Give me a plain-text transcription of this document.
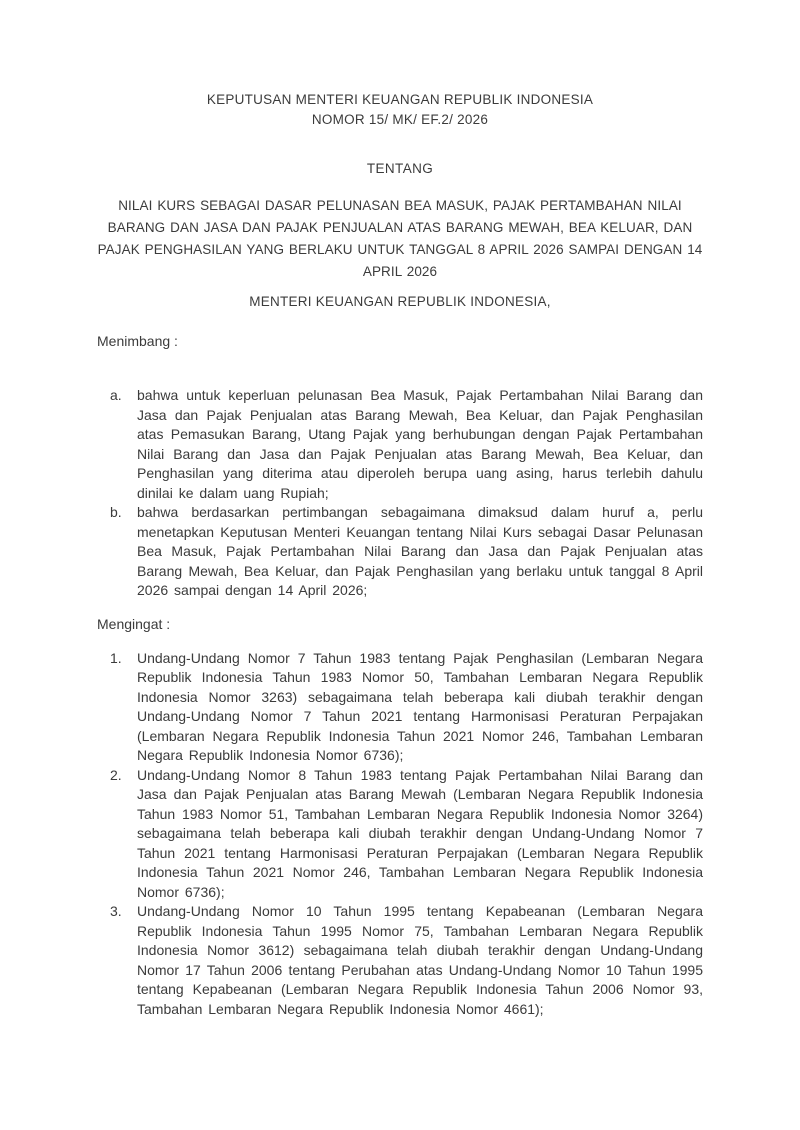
KEPUTUSAN MENTERI KEUANGAN REPUBLIK INDONESIA
NOMOR 15/ MK/ EF.2/ 2026
TENTANG
NILAI KURS SEBAGAI DASAR PELUNASAN BEA MASUK, PAJAK PERTAMBAHAN NILAI BARANG DAN JASA DAN PAJAK PENJUALAN ATAS BARANG MEWAH, BEA KELUAR, DAN PAJAK PENGHASILAN YANG BERLAKU UNTUK TANGGAL 8 APRIL 2026 SAMPAI DENGAN 14 APRIL 2026
MENTERI KEUANGAN REPUBLIK INDONESIA,
Menimbang :
a.	bahwa untuk keperluan pelunasan Bea Masuk, Pajak Pertambahan Nilai Barang dan Jasa dan Pajak Penjualan atas Barang Mewah, Bea Keluar, dan Pajak Penghasilan atas Pemasukan Barang, Utang Pajak yang berhubungan dengan Pajak Pertambahan Nilai Barang dan Jasa dan Pajak Penjualan atas Barang Mewah, Bea Keluar, dan Penghasilan yang diterima atau diperoleh berupa uang asing, harus terlebih dahulu dinilai ke dalam uang Rupiah;
b.	bahwa berdasarkan pertimbangan sebagaimana dimaksud dalam huruf a, perlu menetapkan Keputusan Menteri Keuangan tentang Nilai Kurs sebagai Dasar Pelunasan Bea Masuk, Pajak Pertambahan Nilai Barang dan Jasa dan Pajak Penjualan atas Barang Mewah, Bea Keluar, dan Pajak Penghasilan yang berlaku untuk tanggal 8 April 2026 sampai dengan 14 April 2026;
Mengingat :
1.	Undang-Undang Nomor 7 Tahun 1983 tentang Pajak Penghasilan (Lembaran Negara Republik Indonesia Tahun 1983 Nomor 50, Tambahan Lembaran Negara Republik Indonesia Nomor 3263) sebagaimana telah beberapa kali diubah terakhir dengan Undang-Undang Nomor 7 Tahun 2021 tentang Harmonisasi Peraturan Perpajakan (Lembaran Negara Republik Indonesia Tahun 2021 Nomor 246, Tambahan Lembaran Negara Republik Indonesia Nomor 6736);
2.	Undang-Undang Nomor 8 Tahun 1983 tentang Pajak Pertambahan Nilai Barang dan Jasa dan Pajak Penjualan atas Barang Mewah (Lembaran Negara Republik Indonesia Tahun 1983 Nomor 51, Tambahan Lembaran Negara Republik Indonesia Nomor 3264) sebagaimana telah beberapa kali diubah terakhir dengan Undang-Undang Nomor 7 Tahun 2021 tentang Harmonisasi Peraturan Perpajakan (Lembaran Negara Republik Indonesia Tahun 2021 Nomor 246, Tambahan Lembaran Negara Republik Indonesia Nomor 6736);
3.	Undang-Undang Nomor 10 Tahun 1995 tentang Kepabeanan (Lembaran Negara Republik Indonesia Tahun 1995 Nomor 75, Tambahan Lembaran Negara Republik Indonesia Nomor 3612) sebagaimana telah diubah terakhir dengan Undang-Undang Nomor 17 Tahun 2006 tentang Perubahan atas Undang-Undang Nomor 10 Tahun 1995 tentang Kepabeanan (Lembaran Negara Republik Indonesia Tahun 2006 Nomor 93, Tambahan Lembaran Negara Republik Indonesia Nomor 4661);
